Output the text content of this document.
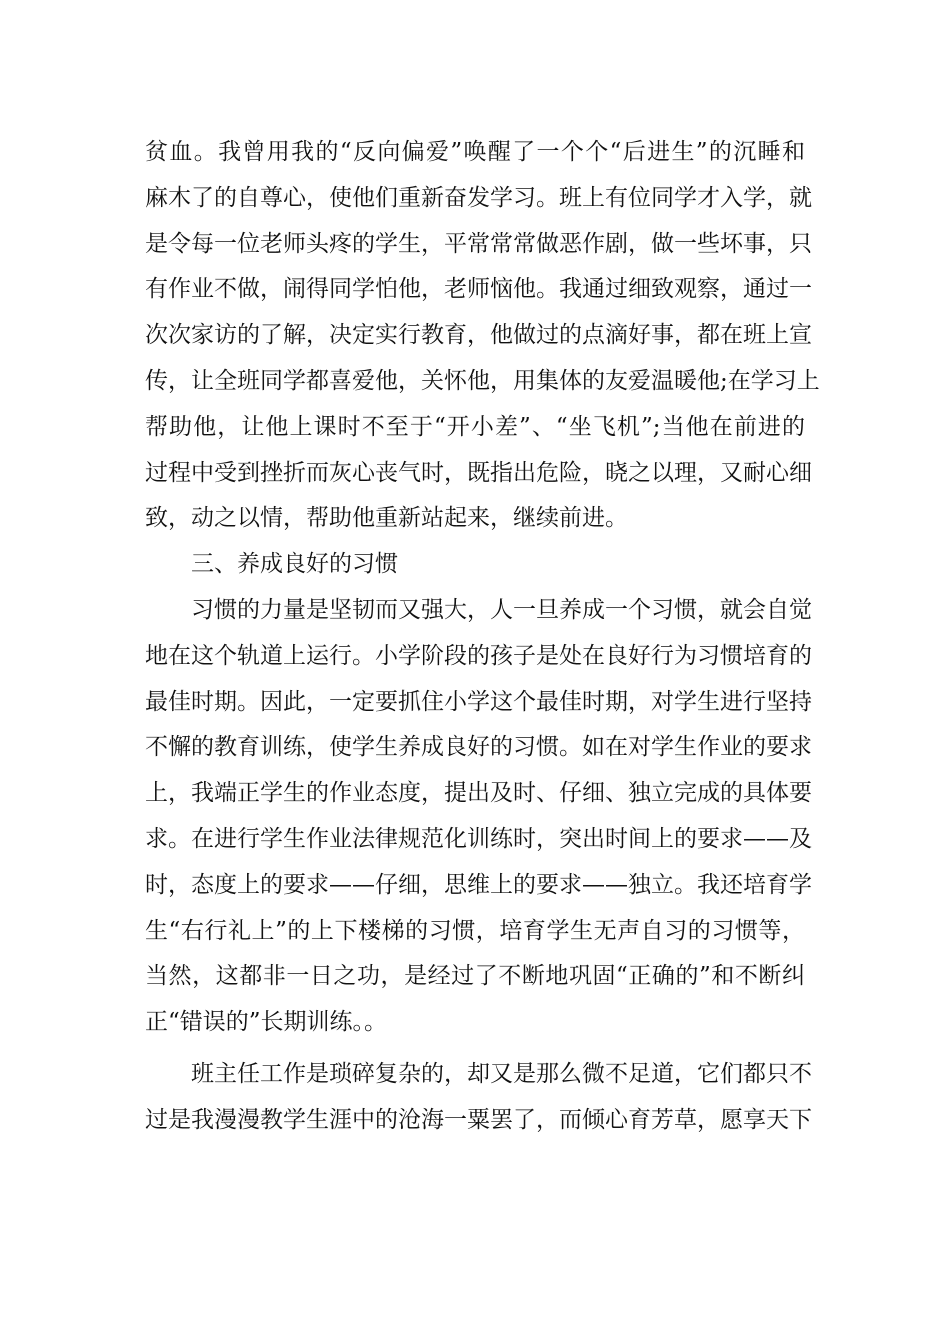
贫血。我曾用我的“反向偏爱”唤醒了一个个“后进生”的沉睡和
麻木了的自尊心，使他们重新奋发学习。班上有位同学才入学，就
是令每一位老师头疼的学生，平常常常做恶作剧，做一些坏事，只
有作业不做，闹得同学怕他，老师恼他。我通过细致观察，通过一
次次家访的了解，决定实行教育，他做过的点滴好事，都在班上宣
传，让全班同学都喜爱他，关怀他，用集体的友爱温暖他;在学习上
帮助他，让他上课时不至于“开小差”、“坐飞机”;当他在前进的
过程中受到挫折而灰心丧气时，既指出危险，晓之以理，又耐心细
致，动之以情，帮助他重新站起来，继续前进。
三、养成良好的习惯
习惯的力量是坚韧而又强大，人一旦养成一个习惯，就会自觉
地在这个轨道上运行。小学阶段的孩子是处在良好行为习惯培育的
最佳时期。因此，一定要抓住小学这个最佳时期，对学生进行坚持
不懈的教育训练，使学生养成良好的习惯。如在对学生作业的要求
上，我端正学生的作业态度，提出及时、仔细、独立完成的具体要
求。在进行学生作业法律规范化训练时，突出时间上的要求——及
时，态度上的要求——仔细，思维上的要求——独立。我还培育学
生“右行礼上”的上下楼梯的习惯，培育学生无声自习的习惯等，
当然，这都非一日之功，是经过了不断地巩固“正确的”和不断纠
正“错误的”长期训练。。
班主任工作是琐碎复杂的，却又是那么微不足道，它们都只不
过是我漫漫教学生涯中的沧海一粟罢了，而倾心育芳草，愿享天下
